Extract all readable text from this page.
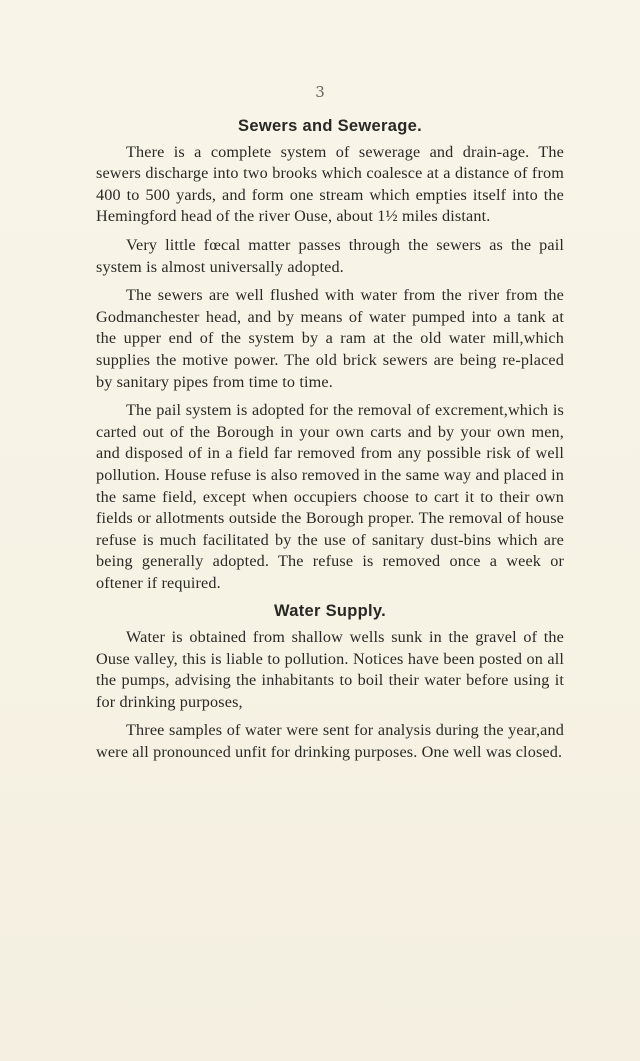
3
Sewers and Sewerage.

There is a complete system of sewerage and drain-age. The sewers discharge into two brooks which coalesce at a distance of from 400 to 500 yards, and form one stream which empties itself into the Hemingford head of the river Ouse, about 1½ miles distant.

Very little fœcal matter passes through the sewers as the pail system is almost universally adopted.

The sewers are well flushed with water from the river from the Godmanchester head, and by means of water pumped into a tank at the upper end of the system by a ram at the old water mill,which supplies the motive power. The old brick sewers are being re-placed by sanitary pipes from time to time.

The pail system is adopted for the removal of excrement,which is carted out of the Borough in your own carts and by your own men, and disposed of in a field far removed from any possible risk of well pollution. House refuse is also removed in the same way and placed in the same field, except when occupiers choose to cart it to their own fields or allotments outside the Borough proper. The removal of house refuse is much facilitated by the use of sanitary dust-bins which are being generally adopted. The refuse is removed once a week or oftener if required.

Water Supply.

Water is obtained from shallow wells sunk in the gravel of the Ouse valley, this is liable to pollution. Notices have been posted on all the pumps, advising the inhabitants to boil their water before using it for drinking purposes,

Three samples of water were sent for analysis during the year,and were all pronounced unfit for drinking purposes. One well was closed.
